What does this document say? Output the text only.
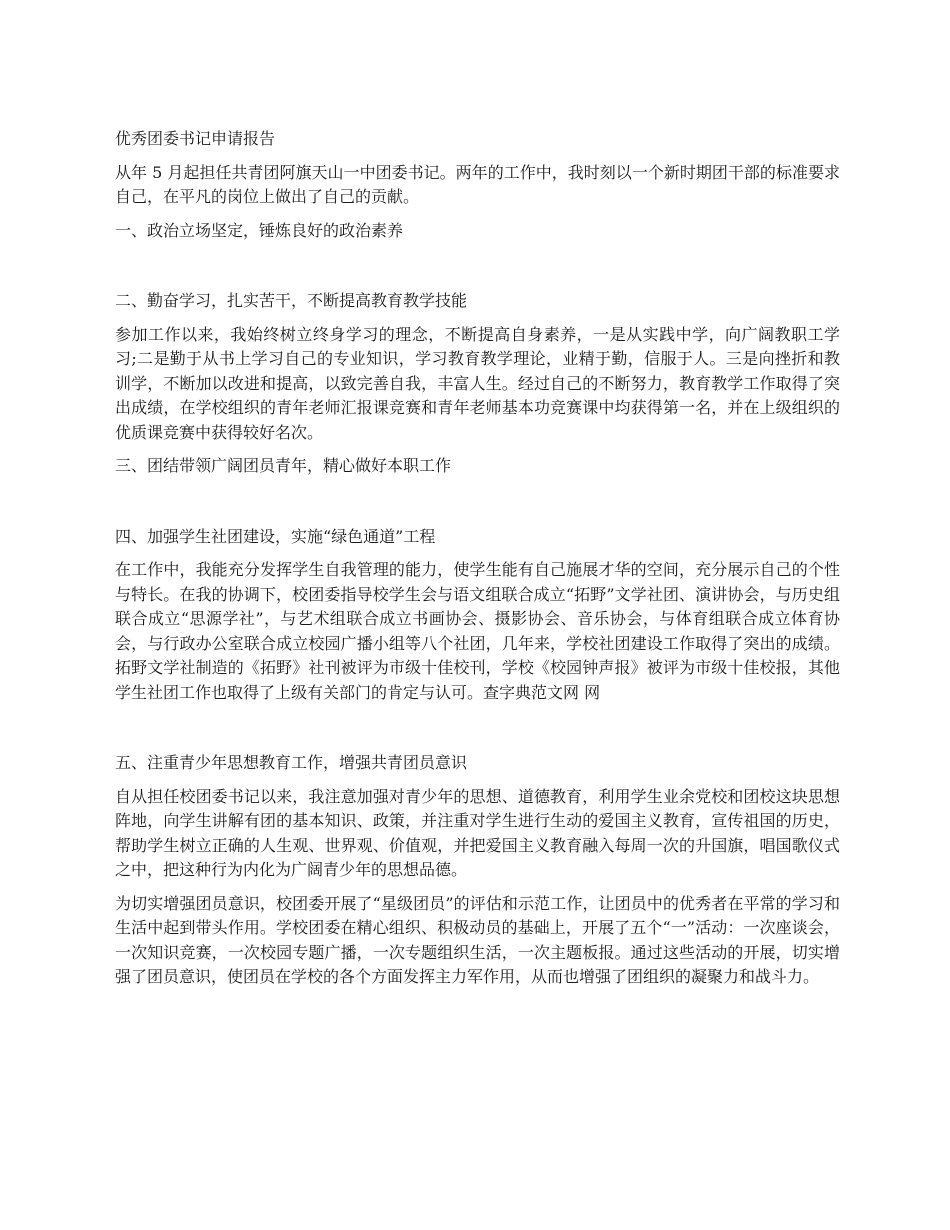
优秀团委书记申请报告

从年 5 月起担任共青团阿旗天山一中团委书记。两年的工作中，我时刻以一个新时期团干部的标准要求自己，在平凡的岗位上做出了自己的贡献。

一、政治立场坚定，锤炼良好的政治素养

二、勤奋学习，扎实苦干，不断提高教育教学技能

参加工作以来，我始终树立终身学习的理念，不断提高自身素养，一是从实践中学，向广阔教职工学习;二是勤于从书上学习自己的专业知识，学习教育教学理论，业精于勤，信服于人。三是向挫折和教训学，不断加以改进和提高，以致完善自我，丰富人生。经过自己的不断努力，教育教学工作取得了突出成绩，在学校组织的青年老师汇报课竞赛和青年老师基本功竞赛课中均获得第一名，并在上级组织的优质课竞赛中获得较好名次。

三、团结带领广阔团员青年，精心做好本职工作

四、加强学生社团建设，实施“绿色通道”工程

在工作中，我能充分发挥学生自我管理的能力，使学生能有自己施展才华的空间，充分展示自己的个性与特长。在我的协调下，校团委指导校学生会与语文组联合成立“拓野”文学社团、演讲协会，与历史组联合成立“思源学社”，与艺术组联合成立书画协会、摄影协会、音乐协会，与体育组联合成立体育协会，与行政办公室联合成立校园广播小组等八个社团，几年来，学校社团建设工作取得了突出的成绩。拓野文学社制造的《拓野》社刊被评为市级十佳校刊，学校《校园钟声报》被评为市级十佳校报，其他学生社团工作也取得了上级有关部门的肯定与认可。查字典范文网 网

五、注重青少年思想教育工作，增强共青团员意识

自从担任校团委书记以来，我注意加强对青少年的思想、道德教育，利用学生业余党校和团校这块思想阵地，向学生讲解有团的基本知识、政策，并注重对学生进行生动的爱国主义教育，宣传祖国的历史，帮助学生树立正确的人生观、世界观、价值观，并把爱国主义教育融入每周一次的升国旗，唱国歌仪式之中，把这种行为内化为广阔青少年的思想品德。

为切实增强团员意识，校团委开展了“星级团员”的评估和示范工作，让团员中的优秀者在平常的学习和生活中起到带头作用。学校团委在精心组织、积极动员的基础上，开展了五个“一”活动：一次座谈会，一次知识竞赛，一次校园专题广播，一次专题组织生活，一次主题板报。通过这些活动的开展，切实增强了团员意识，使团员在学校的各个方面发挥主力军作用，从而也增强了团组织的凝聚力和战斗力。
